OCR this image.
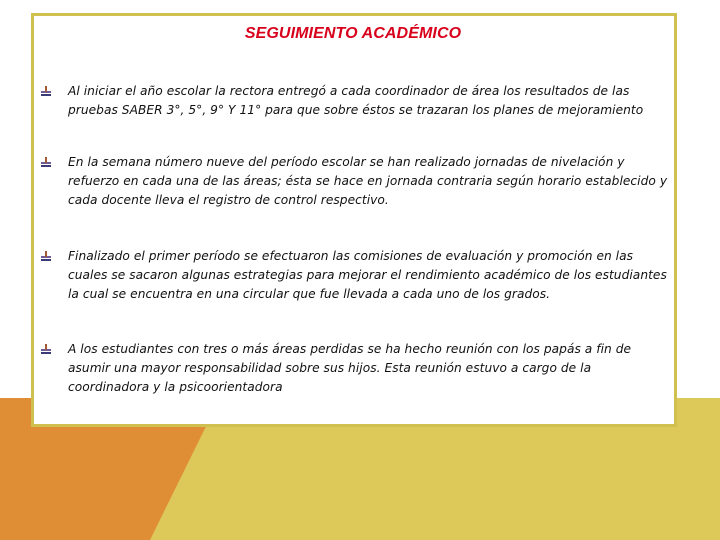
SEGUIMIENTO ACADÉMICO
Al iniciar el año escolar la rectora entregó a cada coordinador de área los resultados de las pruebas SABER 3°, 5°, 9° Y 11° para que sobre éstos se trazaran los planes de mejoramiento
En la semana número nueve del período escolar se han realizado jornadas de nivelación y refuerzo en cada una de las áreas; ésta se hace en jornada contraria según horario establecido y cada docente lleva el registro de control respectivo.
Finalizado el primer período se efectuaron las comisiones de evaluación y promoción en las cuales se sacaron algunas estrategias para mejorar el rendimiento académico de los estudiantes la cual se encuentra en una circular que fue llevada a cada uno de los grados.
A los estudiantes con tres o más áreas perdidas se ha hecho reunión con los papás a fin de asumir una mayor responsabilidad sobre sus hijos. Esta reunión estuvo a cargo de la coordinadora y la psicoorientadora
